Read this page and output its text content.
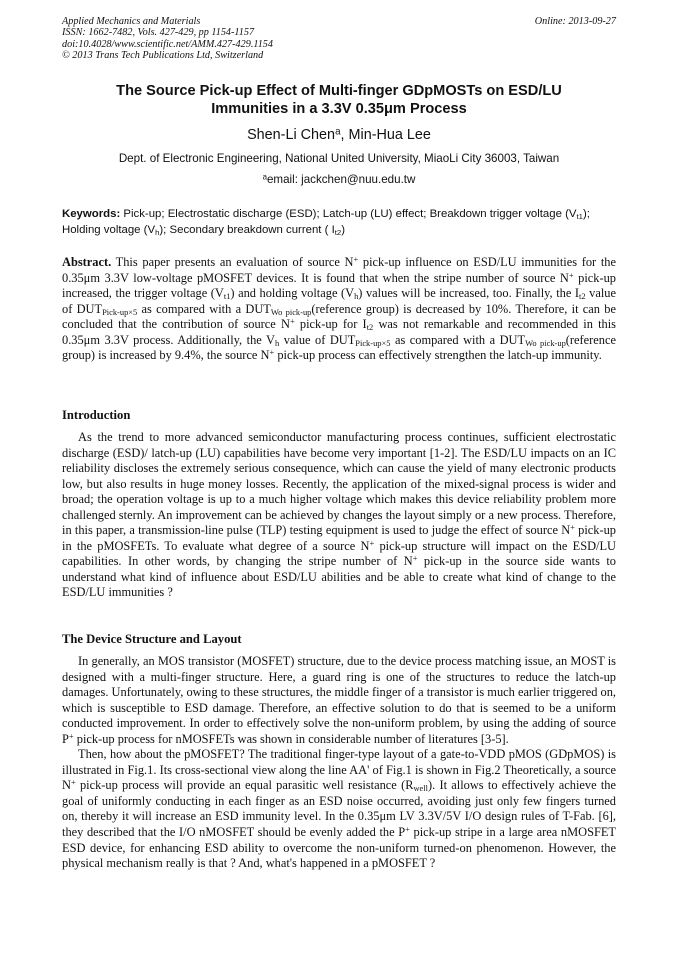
Applied Mechanics and Materials
ISSN: 1662-7482, Vols. 427-429, pp 1154-1157
doi:10.4028/www.scientific.net/AMM.427-429.1154
© 2013 Trans Tech Publications Ltd, Switzerland
Online: 2013-09-27
The Source Pick-up Effect of Multi-finger GDpMOSTs on ESD/LU
Immunities in a 3.3V 0.35μm Process
Shen-Li Chen$^a$, Min-Hua Lee
Dept. of Electronic Engineering, National United University, MiaoLi City 36003, Taiwan
$^a$email: jackchen@nuu.edu.tw
Keywords: Pick-up; Electrostatic discharge (ESD); Latch-up (LU) effect; Breakdown trigger voltage $(V_{t1})$; Holding voltage $(V_h)$; Secondary breakdown current ( $I_{t2}$)

Abstract. This paper presents an evaluation of source N+ pick-up influence on ESD/LU immunities for the 0.35μm 3.3V low-voltage pMOSFET devices. It is found that when the stripe number of source N+ pick-up increased, the trigger voltage $(V_{t1})$ and holding voltage $(V_h)$ values will be increased, too. Finally, the $I_{t2}$ value of $DUT_{Pick-up\times 5}$ as compared with a $DUT_{Wo pick-up}(reference$ group) is decreased by 10%. Therefore, it can be concluded that the contribution of source N+ pick-up for $I_{t2}$ was not remarkable and recommended in this 0.35μm 3.3V process. Additionally, the $V_h$ value of $DUT_{Pick-up\times 5}$ as compared with a $DUT_{Wo pick-up}(reference$ group) is increased by 9.4%, the source N+ pick-up process can effectively strengthen the latch-up immunity.

Introduction

As the trend to more advanced semiconductor manufacturing process continues, sufficient electrostatic discharge (ESD)/ latch-up (LU) capabilities have become very important [1-2]. The ESD/LU impacts on an IC reliability discloses the extremely serious consequence, which can cause the yield of many electronic products low, but also results in huge money losses. Recently, the application of the mixed-signal process is wider and broad; the operation voltage is up to a much higher voltage which makes this device reliability problem more challenged sternly. An improvement can be achieved by changes the layout simply or a new process. Therefore, in this paper, a transmission-line pulse (TLP) testing equipment is used to judge the effect of source N+ pick-up in the pMOSFETs. To evaluate what degree of a source N+ pick-up structure will impact on the ESD/LU capabilities. In other words, by changing the stripe number of N+ pick-up in the source side wants to understand what kind of influence about ESD/LU abilities and be able to create what kind of change to the ESD/LU immunities ?

The Device Structure and Layout

In generally, an MOS transistor (MOSFET) structure, due to the device process matching issue, an MOST is designed with a multi-finger structure. Here, a guard ring is one of the structures to reduce the latch-up damages. Unfortunately, owing to these structures, the middle finger of a transistor is much earlier triggered on, which is susceptible to ESD damage. Therefore, an effective solution to do that is seemed to be a uniform conducted improvement. In order to effectively solve the non-uniform problem, by using the adding of source P+ pick-up process for nMOSFETs was shown in considerable number of literatures [3-5].

Then, how about the pMOSFET? The traditional finger-type layout of a gate-to-VDD pMOS (GDpMOS) is illustrated in Fig.1. Its cross-sectional view along the line AA' of Fig.1 is shown in Fig.2 Theoretically, a source N+ pick-up process will provide an equal parasitic well resistance $(R_{well})$. It allows to effectively achieve the goal of uniformly conducting in each finger as an ESD noise occurred, avoiding just only few fingers turned on, thereby it will increase an ESD immunity level. In the 0.35μm LV 3.3V/5V I/O design rules of T-Fab. [6], they described that the I/O nMOSFET should be evenly added the P+ pick-up stripe in a large area nMOSFET ESD device, for enhancing ESD ability to overcome the non-uniform turned-on phenomenon. However, the physical mechanism really is that ? And, what's happened in a pMOSFET ?
